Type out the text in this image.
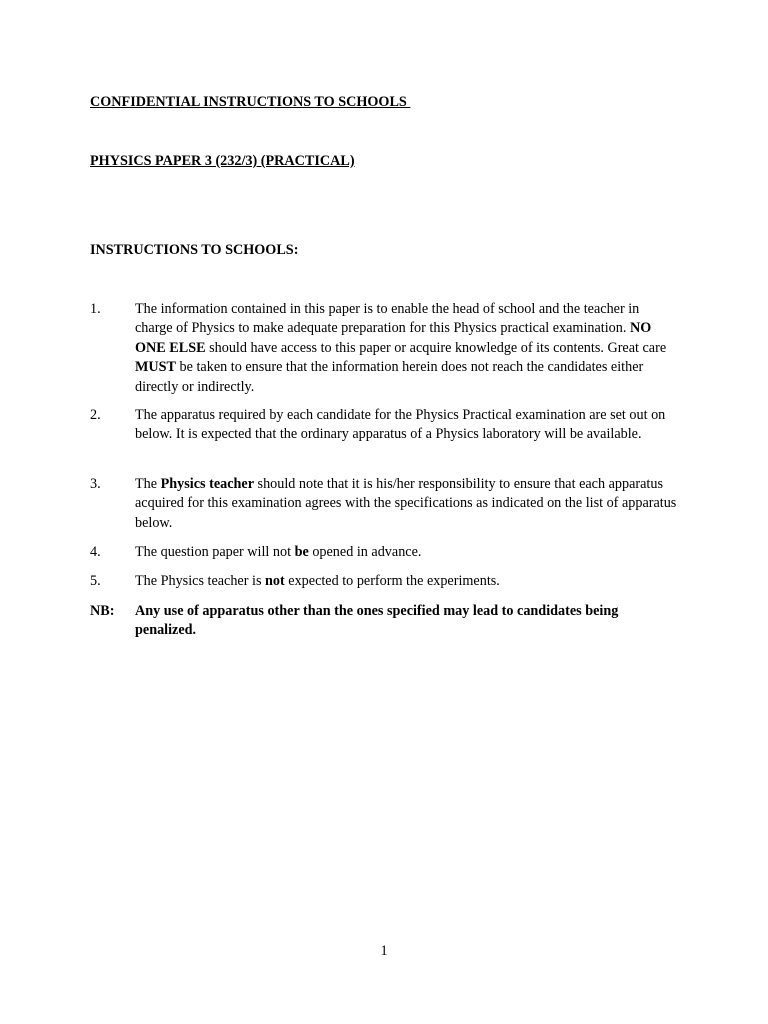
CONFIDENTIAL INSTRUCTIONS TO SCHOOLS
PHYSICS PAPER 3 (232/3) (PRACTICAL)
INSTRUCTIONS TO SCHOOLS:
1.	The information contained in this paper is to enable the head of school and the teacher in charge of Physics to make adequate preparation for this Physics practical examination. NO ONE ELSE should have access to this paper or acquire knowledge of its contents. Great care MUST be taken to ensure that the information herein does not reach the candidates either directly or indirectly.
2.	The apparatus required by each candidate for the Physics Practical examination are set out on below. It is expected that the ordinary apparatus of a Physics laboratory will be available.
3.	The Physics teacher should note that it is his/her responsibility to ensure that each apparatus acquired for this examination agrees with the specifications as indicated on the list of apparatus below.
4.	The question paper will not be opened in advance.
5.	The Physics teacher is not expected to perform the experiments.
NB:	Any use of apparatus other than the ones specified may lead to candidates being penalized.
1
